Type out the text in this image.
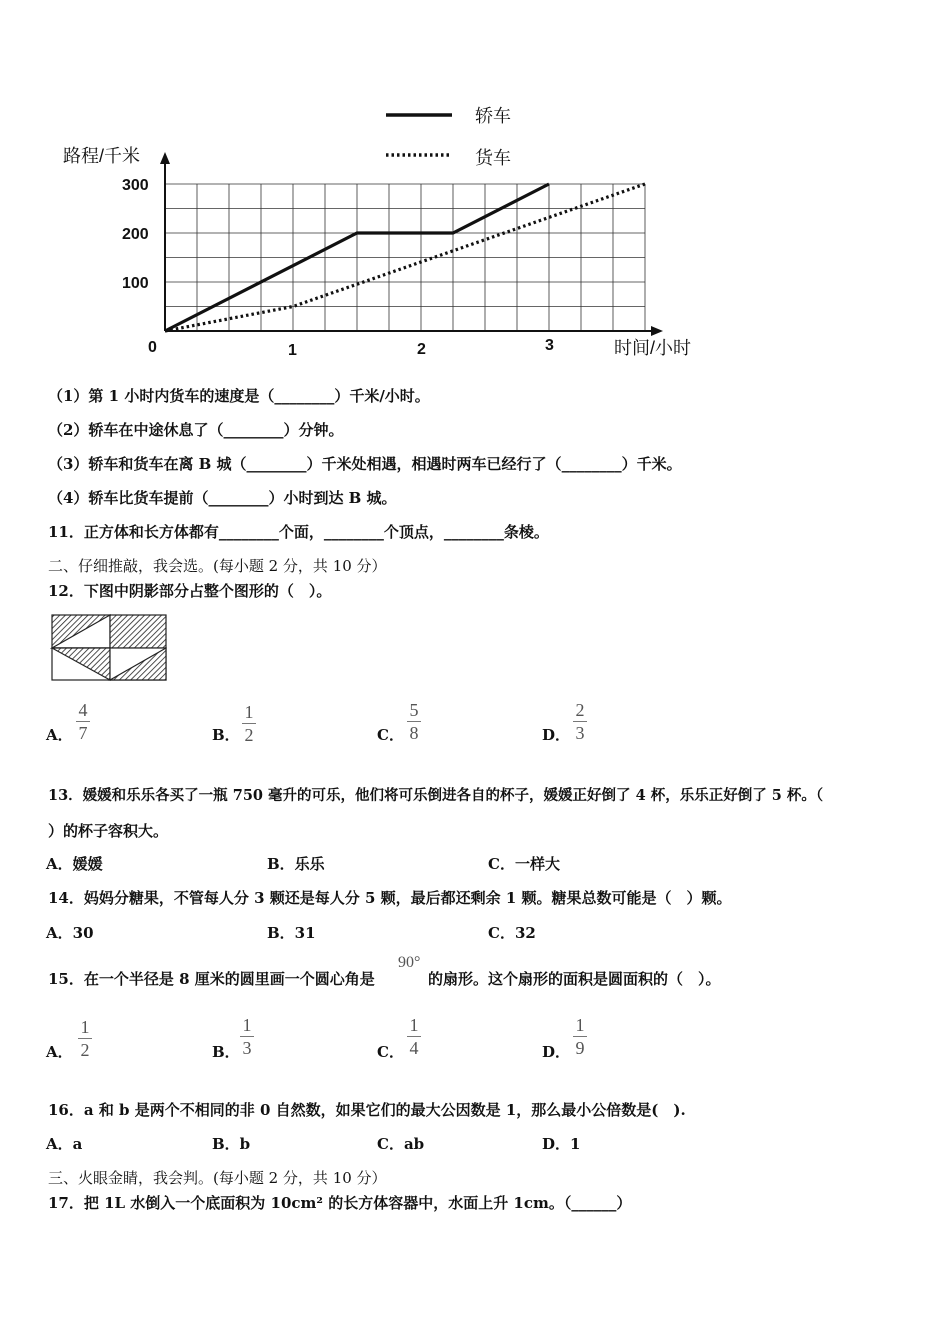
0	1	2	3
100
200
300
路程/千米
时间/小时
轿车
货车
（1）第 1 小时内货车的速度是（________）千米/小时。
（2）轿车在中途休息了（________）分钟。
（3）轿车和货车在离 B 城（________）千米处相遇，相遇时两车已经行了（________）千米。
（4）轿车比货车提前（________）小时到达 B 城。
11．正方体和长方体都有________个面，________个顶点，________条棱。
二、仔细推敲，我会选。(每小题 2 分，共 10 分）
12．下图中阴影部分占整个图形的（　）。
A．
4
7	B．
1
2	C．
5
8	D．
2
3
13．媛媛和乐乐各买了一瓶 750 毫升的可乐，他们将可乐倒进各自的杯子，媛媛正好倒了 4 杯，乐乐正好倒了 5 杯。（
）的杯子容积大。
A．媛媛	B．乐乐	C．一样大
14．妈妈分糖果，不管每人分 3 颗还是每人分 5 颗，最后都还剩余 1 颗。糖果总数可能是（　）颗。
A．30	B．31	C．32
15．在一个半径是 8 厘米的圆里画一个圆心角是
90°
的扇形。这个扇形的面积是圆面积的（　）。
A．
1
2	B．
1
3	C．
1
4	D．
1
9
16．a 和 b 是两个不相同的非 0 自然数，如果它们的最大公因数是 1，那么最小公倍数是(　).
A．a	B．b	C．ab	D．1
三、火眼金睛，我会判。(每小题 2 分，共 10 分）
17．把 1L 水倒入一个底面积为 10cm² 的长方体容器中，水面上升 1cm。（______）
